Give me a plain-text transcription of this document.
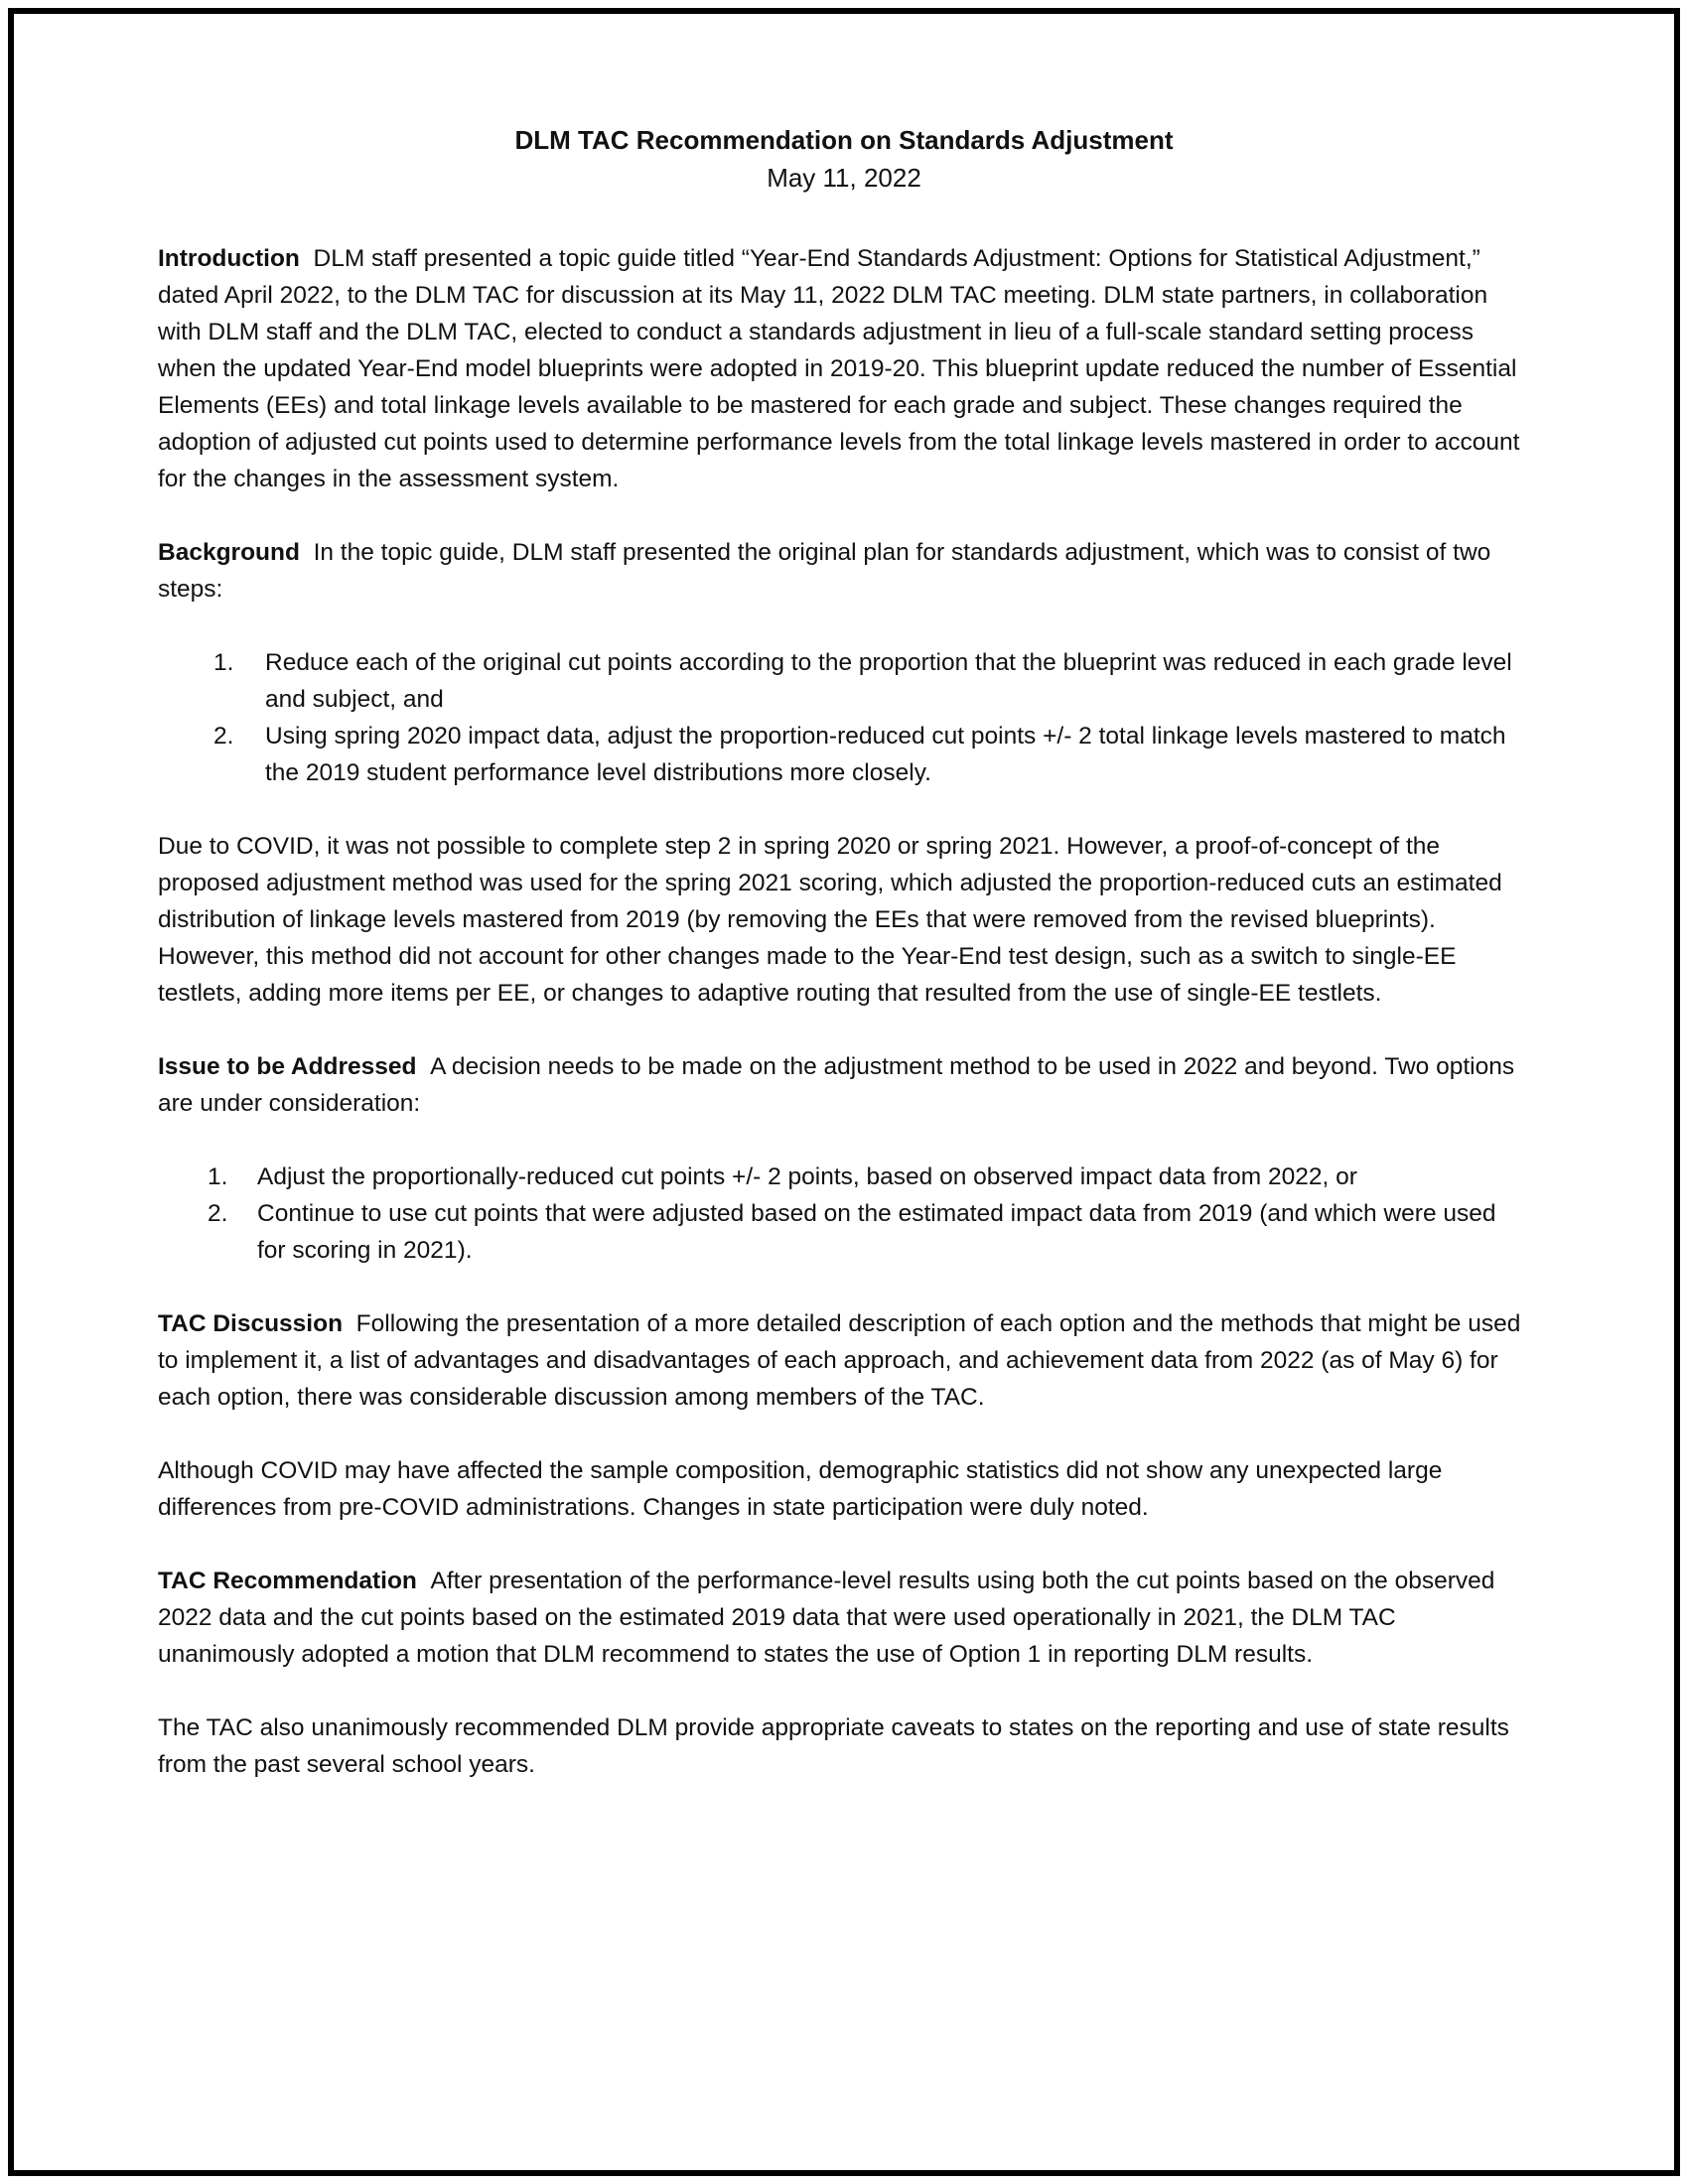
DLM TAC Recommendation on Standards Adjustment
May 11, 2022

Introduction DLM staff presented a topic guide titled “Year-End Standards Adjustment: Options for Statistical Adjustment,” dated April 2022, to the DLM TAC for discussion at its May 11, 2022 DLM TAC meeting. DLM state partners, in collaboration with DLM staff and the DLM TAC, elected to conduct a standards adjustment in lieu of a full-scale standard setting process when the updated Year-End model blueprints were adopted in 2019-20. This blueprint update reduced the number of Essential Elements (EEs) and total linkage levels available to be mastered for each grade and subject. These changes required the adoption of adjusted cut points used to determine performance levels from the total linkage levels mastered in order to account for the changes in the assessment system.

Background In the topic guide, DLM staff presented the original plan for standards adjustment, which was to consist of two steps:

1. Reduce each of the original cut points according to the proportion that the blueprint was reduced in each grade level and subject, and
2. Using spring 2020 impact data, adjust the proportion-reduced cut points +/- 2 total linkage levels mastered to match the 2019 student performance level distributions more closely.

Due to COVID, it was not possible to complete step 2 in spring 2020 or spring 2021. However, a proof-of-concept of the proposed adjustment method was used for the spring 2021 scoring, which adjusted the proportion-reduced cuts an estimated distribution of linkage levels mastered from 2019 (by removing the EEs that were removed from the revised blueprints). However, this method did not account for other changes made to the Year-End test design, such as a switch to single-EE testlets, adding more items per EE, or changes to adaptive routing that resulted from the use of single-EE testlets.

Issue to be Addressed A decision needs to be made on the adjustment method to be used in 2022 and beyond. Two options are under consideration:

1. Adjust the proportionally-reduced cut points +/- 2 points, based on observed impact data from 2022, or
2. Continue to use cut points that were adjusted based on the estimated impact data from 2019 (and which were used for scoring in 2021).

TAC Discussion Following the presentation of a more detailed description of each option and the methods that might be used to implement it, a list of advantages and disadvantages of each approach, and achievement data from 2022 (as of May 6) for each option, there was considerable discussion among members of the TAC.

Although COVID may have affected the sample composition, demographic statistics did not show any unexpected large differences from pre-COVID administrations. Changes in state participation were duly noted.

TAC Recommendation After presentation of the performance-level results using both the cut points based on the observed 2022 data and the cut points based on the estimated 2019 data that were used operationally in 2021, the DLM TAC unanimously adopted a motion that DLM recommend to states the use of Option 1 in reporting DLM results.

The TAC also unanimously recommended DLM provide appropriate caveats to states on the reporting and use of state results from the past several school years.
